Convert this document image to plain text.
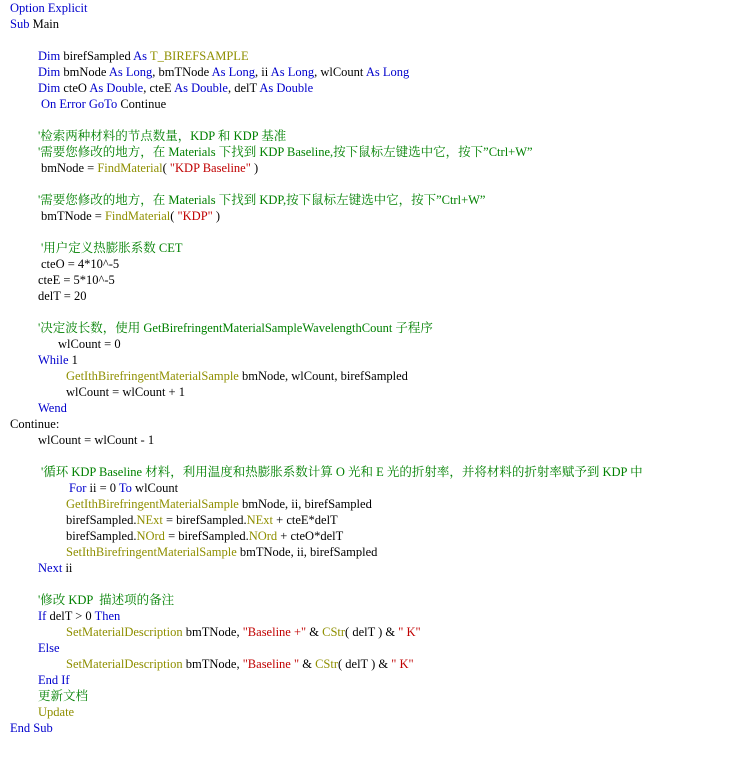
Option Explicit
Sub Main
Dim birefSampled As T_BIREFSAMPLE
Dim bmNode As Long, bmTNode As Long, ii As Long, wlCount As Long
Dim cteO As Double, cteE As Double, delT As Double
On Error GoTo Continue
'检索两种材料的节点数量，KDP 和 KDP 基准
'需要您修改的地方，在 Materials 下找到 KDP Baseline,按下鼠标左键选中它，按下”Ctrl+W”
bmNode = FindMaterial( "KDP Baseline" )
'需要您修改的地方，在 Materials 下找到 KDP,按下鼠标左键选中它，按下”Ctrl+W”
bmTNode = FindMaterial( "KDP" )
'用户定义热膨胀系数 CET
cteO = 4*10^-5
cteE = 5*10^-5
delT = 20
'决定波长数，使用 GetBirefringentMaterialSampleWavelengthCount 子程序
wlCount = 0
While 1
GetIthBirefringentMaterialSample bmNode, wlCount, birefSampled
wlCount = wlCount + 1
Wend
Continue:
wlCount = wlCount - 1
'循环 KDP Baseline 材料，利用温度和热膨胀系数计算 O 光和 E 光的折射率，并将材料的折射率赋予到 KDP 中
For ii = 0 To wlCount
GetIthBirefringentMaterialSample bmNode, ii, birefSampled
birefSampled.NExt = birefSampled.NExt + cteE*delT
birefSampled.NOrd = birefSampled.NOrd + cteO*delT
SetIthBirefringentMaterialSample bmTNode, ii, birefSampled
Next ii
'修改 KDP  描述项的备注
If delT > 0 Then
SetMaterialDescription bmTNode, "Baseline +" & CStr( delT ) & " K"
Else
SetMaterialDescription bmTNode, "Baseline " & CStr( delT ) & " K"
End If
更新文档
Update
End Sub
